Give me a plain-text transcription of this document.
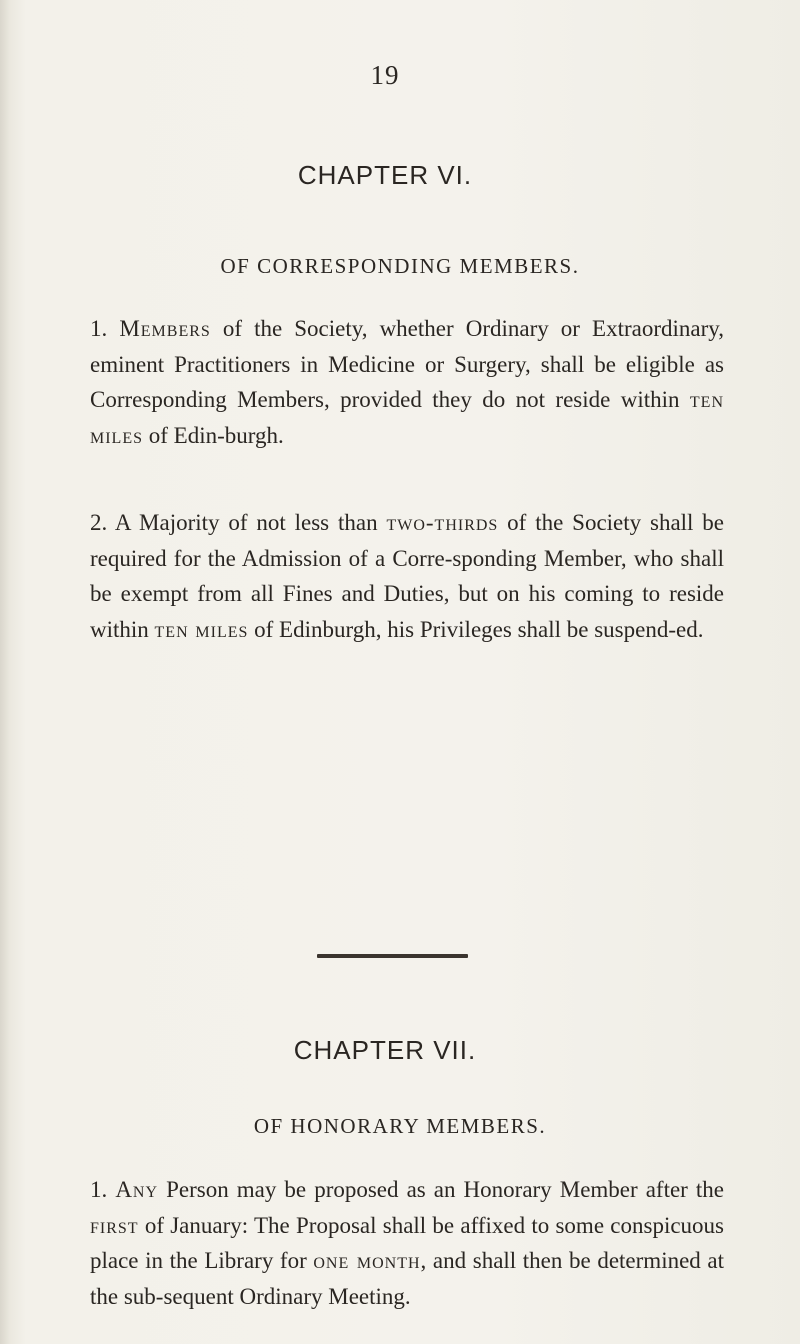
19
CHAPTER VI.
OF CORRESPONDING MEMBERS.

1. Members of the Society, whether Ordinary or Extraordinary, eminent Practitioners in Medicine or Surgery, shall be eligible as Corresponding Members, provided they do not reside within ten miles of Edin-burgh.

2. A Majority of not less than two-thirds of the Society shall be required for the Admission of a Corre-sponding Member, who shall be exempt from all Fines and Duties, but on his coming to reside within ten miles of Edinburgh, his Privileges shall be suspend-ed.

CHAPTER VII.
OF HONORARY MEMBERS.

1. Any Person may be proposed as an Honorary Member after the first of January: The Proposal shall be affixed to some conspicuous place in the Library for one month, and shall then be determined at the sub-sequent Ordinary Meeting.
